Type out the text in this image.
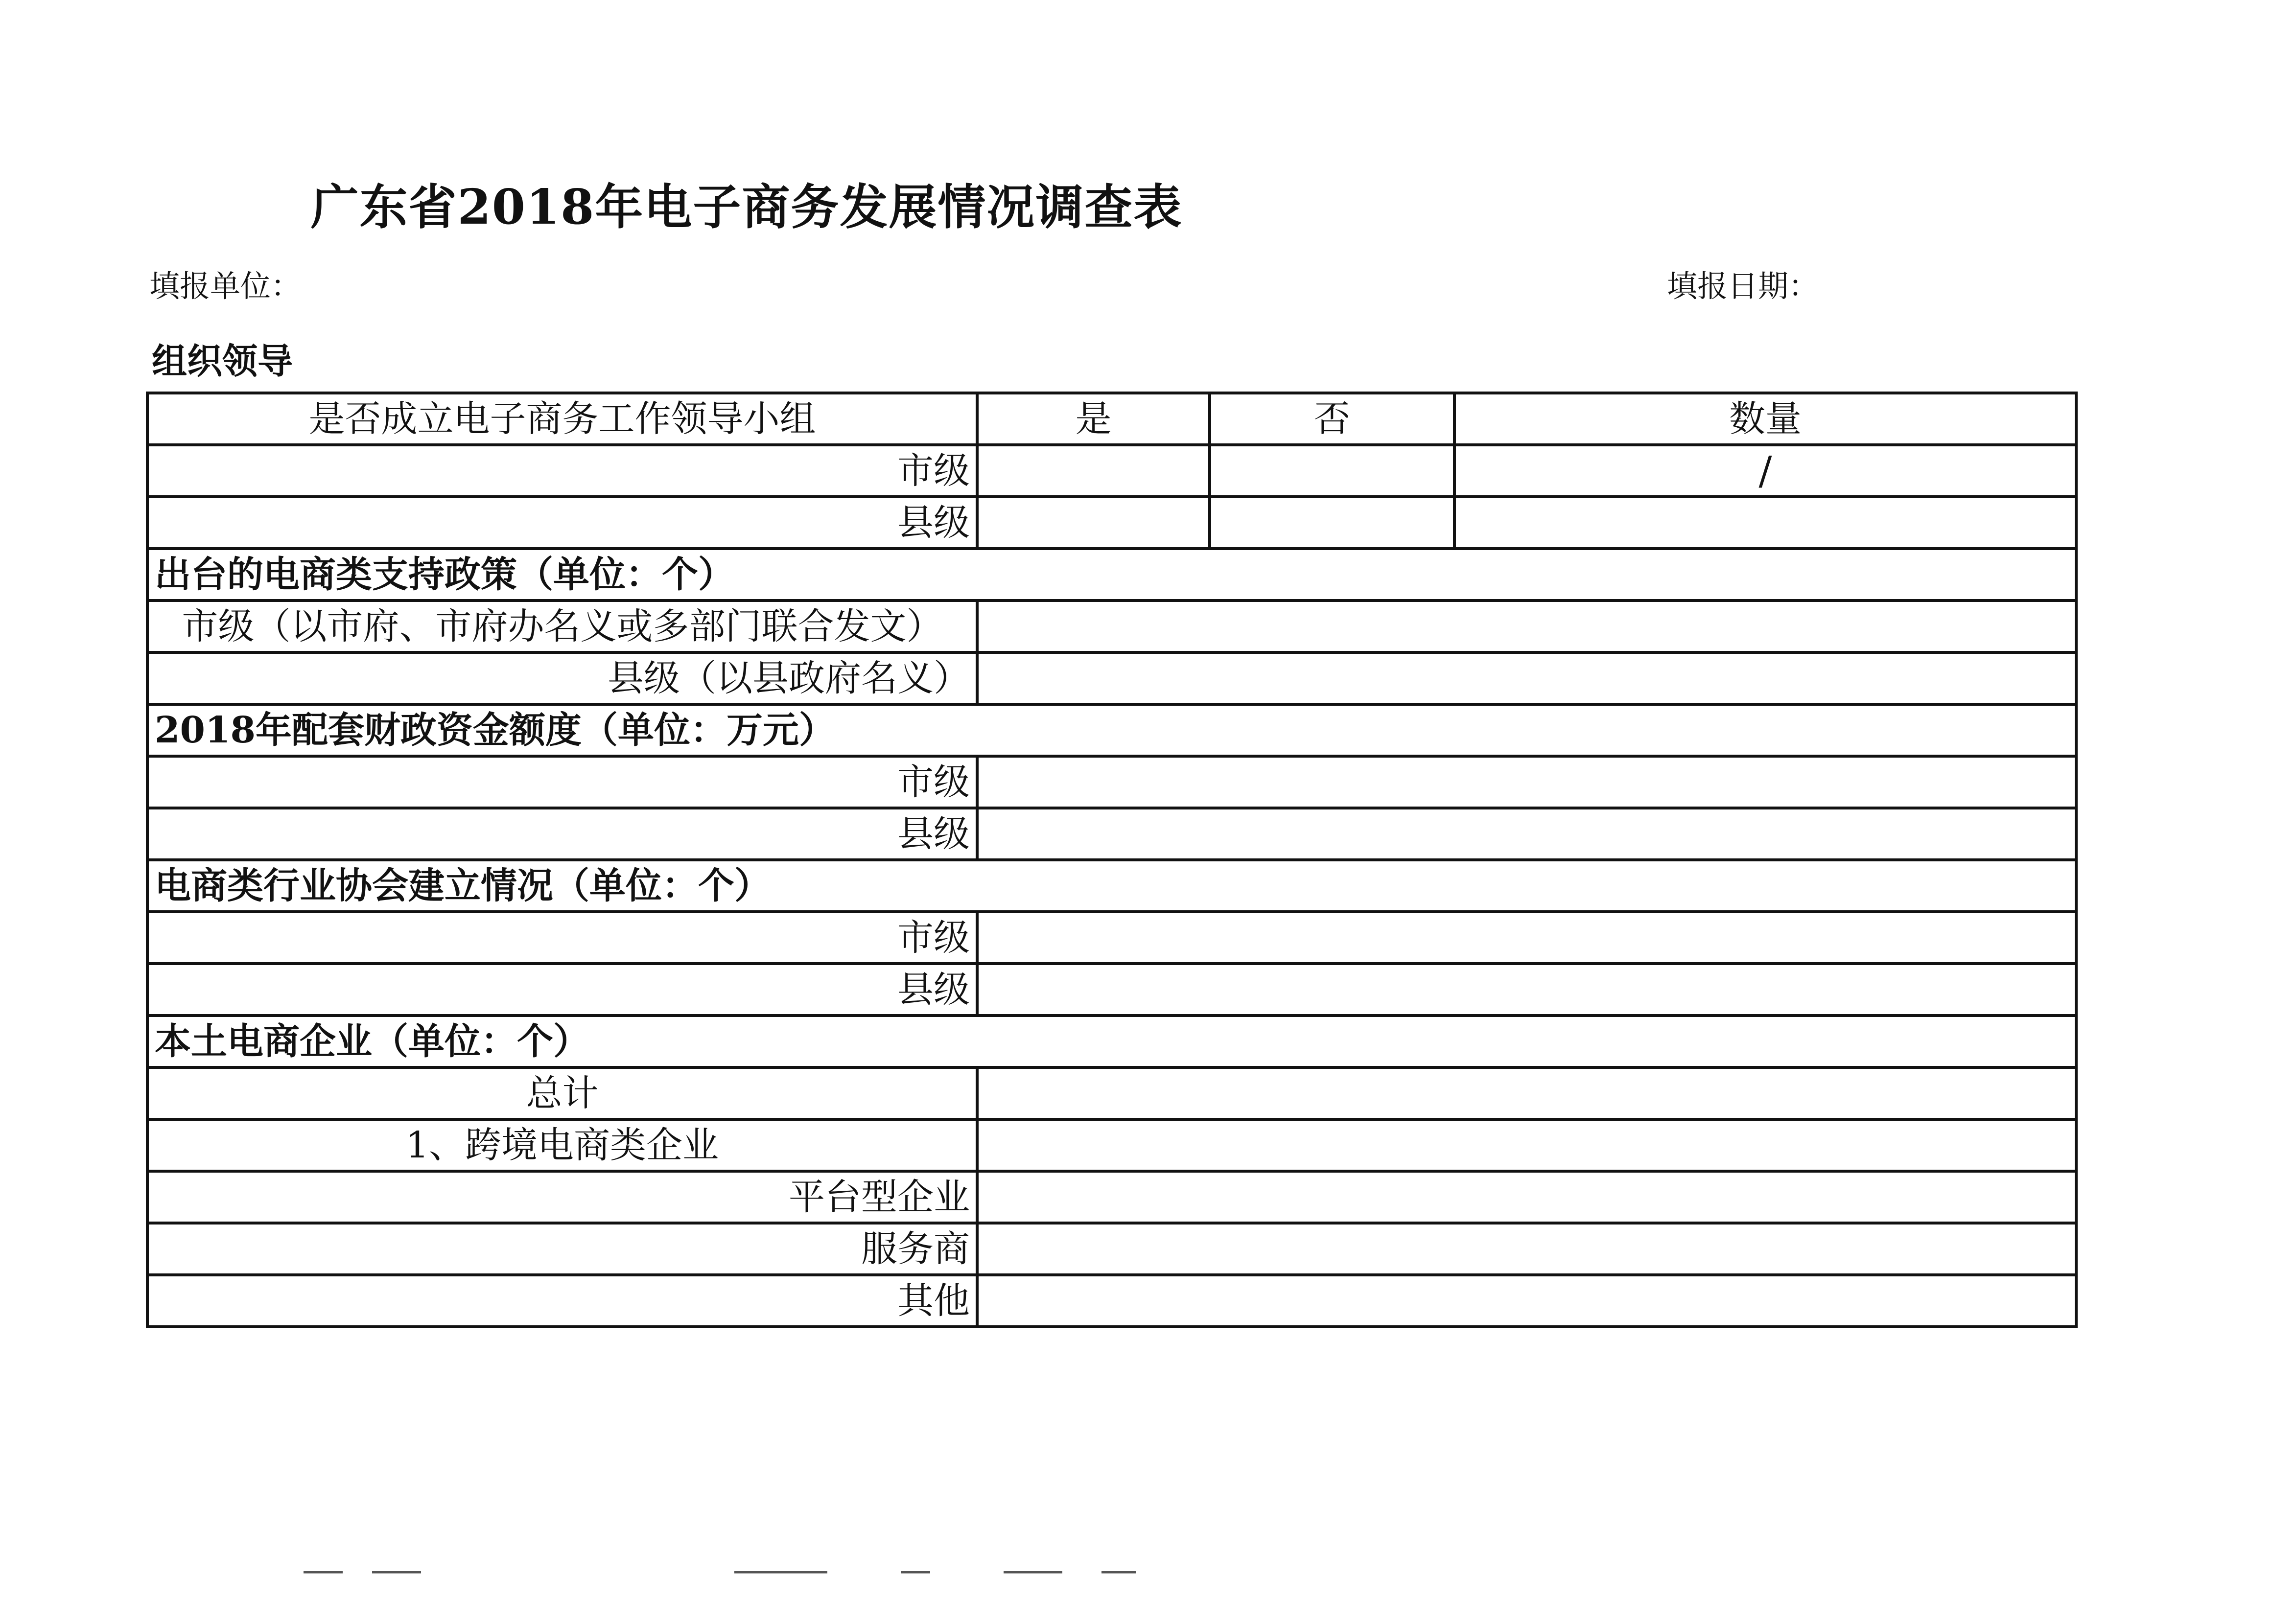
广东省2018年电子商务发展情况调查表
填报单位：	填报日期：
组织领导
是否成立电子商务工作领导小组	是	否	数量
市级			/
县级			
出台的电商类支持政策（单位：个）			
市级（以市府、市府办名义或多部门联合发文）			
县级（以县政府名义）			
2018年配套财政资金额度（单位：万元）			
市级			
县级			
电商类行业协会建立情况（单位：个）			
市级			
县级			
本土电商企业（单位：个）			
总计			
1、跨境电商类企业			
平台型企业			
服务商			
其他			
